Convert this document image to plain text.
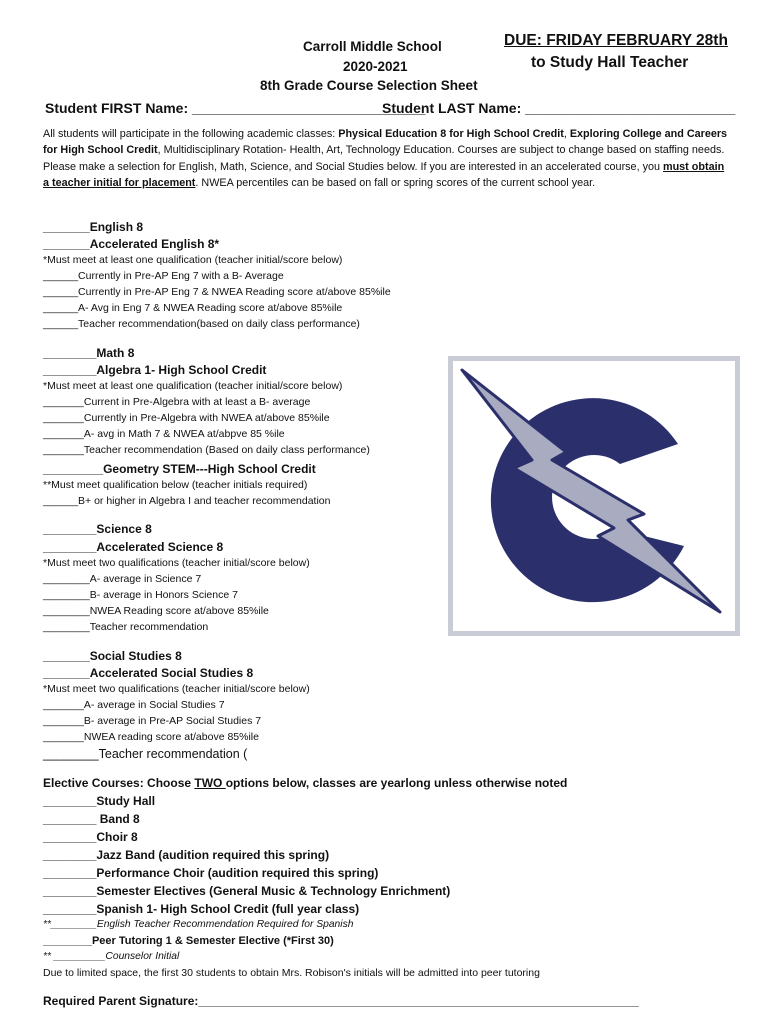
Carroll Middle School
2020-2021
8th Grade Course Selection Sheet
DUE: FRIDAY FEBRUARY 28th
to Study Hall Teacher
Student FIRST Name: ______________________________
Student LAST Name: ___________________________
All students will participate in the following academic classes: Physical Education 8 for High School Credit, Exploring College and Careers for High School Credit, Multidisciplinary Rotation- Health, Art, Technology Education. Courses are subject to change based on staffing needs. Please make a selection for English, Math, Science, and Social Studies below. If you are interested in an accelerated course, you must obtain a teacher initial for placement. NWEA percentiles can be based on fall or spring scores of the current school year.
_______English 8
_______Accelerated English 8*
*Must meet at least one qualification (teacher initial/score below)
______Currently in Pre-AP Eng 7 with a B- Average
______Currently in Pre-AP Eng 7 & NWEA Reading score at/above 85%ile
______A- Avg in Eng 7 & NWEA Reading score at/above 85%ile
______Teacher recommendation(based on daily class performance)
________Math 8
________Algebra 1- High School Credit
*Must meet at least one qualification (teacher initial/score below)
_______Current in Pre-Algebra with at least a B- average
_______Currently in Pre-Algebra with NWEA at/above 85%ile
_______A- avg in Math 7 & NWEA at/abpve 85 %ile
_______Teacher recommendation (Based on daily class performance)
_________Geometry STEM---High School Credit
**Must meet qualification below (teacher initials required)
______B+ or higher in Algebra I and teacher recommendation
________Science 8
________Accelerated Science 8
*Must meet two qualifications (teacher initial/score below)
________A- average in Science 7
________B- average in Honors Science 7
________NWEA Reading score at/above 85%ile
________Teacher recommendation
_______Social Studies 8
_______Accelerated Social Studies 8
*Must meet two qualifications (teacher initial/score below)
_______A- average in Social Studies 7
_______B- average in Pre-AP Social Studies 7
_______NWEA reading score at/above 85%ile
________Teacher recommendation (
Elective Courses: Choose TWO options below, classes are yearlong unless otherwise noted
________Study Hall
________ Band 8
________Choir 8
________Jazz Band (audition required this spring)
________Performance Choir (audition required this spring)
________Semester Electives (General Music & Technology Enrichment)
________Spanish 1- High School Credit (full year class)
**________English Teacher Recommendation Required for Spanish
________Peer Tutoring 1 & Semester Elective (*First 30)
** _________Counselor Initial
Due to limited space, the first 30 students to obtain Mrs. Robison's initials will be admitted into peer tutoring
Required Parent Signature:__________________________________________________________________
